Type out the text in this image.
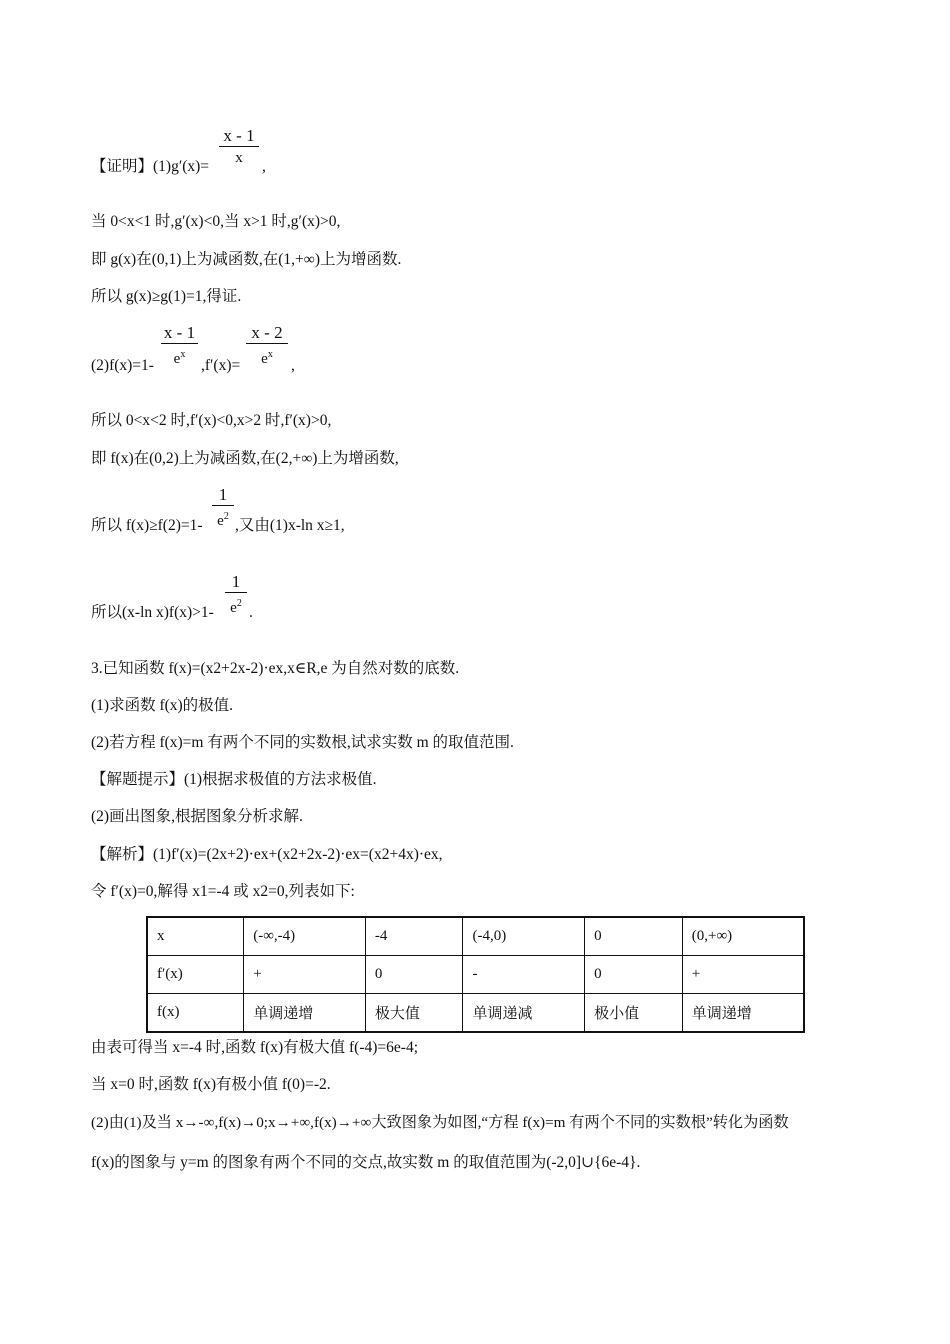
x - 1
x
【证明】(1)g′(x)=	,
当 0<x<1 时,g′(x)<0,当 x>1 时,g′(x)>0,
即 g(x)在(0,1)上为减函数,在(1,+∞)上为增函数.
所以 g(x)≥g(1)=1,得证.
(2)f(x)=1-
x - 1
$e^x$
,f′(x)=
x - 2
$e^x$
,
所以 0<x<2 时,f′(x)<0,x>2 时,f′(x)>0,
即 f(x)在(0,2)上为减函数,在(2,+∞)上为增函数,
所以 f(x)≥f(2)=1-
1
$e^2$
,又由(1)x-ln x≥1,
所以(x-ln x)f(x)>1-
1
$e^2$
.
3.已知函数 f(x)=(x2+2x-2)·ex,x∈R,e 为自然对数的底数.
(1)求函数 f(x)的极值.
(2)若方程 f(x)=m 有两个不同的实数根,试求实数 m 的取值范围.
【解题提示】(1)根据求极值的方法求极值.
(2)画出图象,根据图象分析求解.
【解析】(1)f′(x)=(2x+2)·ex+(x2+2x-2)·ex=(x2+4x)·ex,
令 f′(x)=0,解得 x1=-4 或 x2=0,列表如下:
x	(-∞,-4)	-4	(-4,0)	0	(0,+∞)
f′(x)	+	0	-	0	+
f(x)	单调递增	极大值	单调递减	极小值	单调递增
由表可得当 x=-4 时,函数 f(x)有极大值 f(-4)=6e-4;
当 x=0 时,函数 f(x)有极小值 f(0)=-2.
(2)由(1)及当 x→-∞,f(x)→0;x→+∞,f(x)→+∞大致图象为如图,“方程 f(x)=m 有两个不同的实数根”转化为函数
f(x)的图象与 y=m 的图象有两个不同的交点,故实数 m 的取值范围为(-2,0]∪{6e-4}.
